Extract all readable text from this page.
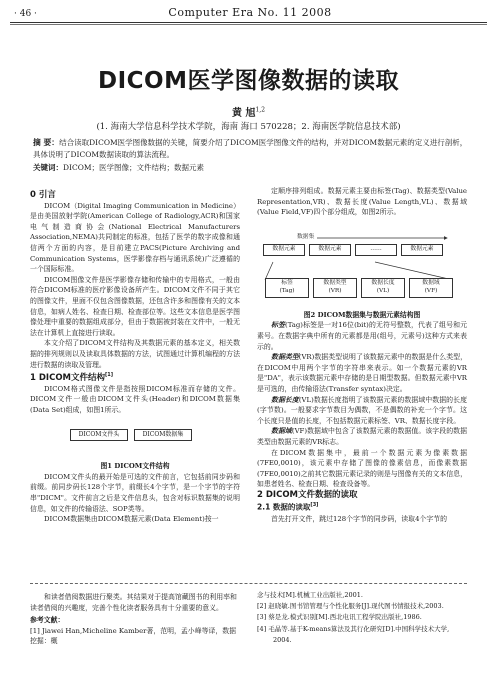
· 46 ·	Computer Era No. 11 2008
DICOM医学图像数据的读取
黄 旭$^{1,2}$
(1. 海南大学信息科学技术学院，海南 海口 570228；2. 海南医学院信息技术部)
摘 要：结合读取DICOM医学图像数据的关键，简要介绍了DICOM医学图像文件的结构，并对DICOM数据元素的定义进行剖析，具体说明了DICOM数据读取的算法流程。
关键词：DICOM；医学图像；文件结构；数据元素

0 引言

DICOM（Digital Imaging Communication in Medicine）是由美国放射学院(American College of Radiology,ACR)和国家电气制造商协会(National Electrical Manufacturers Association,NEMA)共同制定的标准，包括了医学的数字成像和通信两个方面的内容，是目前建立PACS(Picture Archiving and Communication Systems，医学影像存档与通讯系统)广泛遵循的一个国际标准。

DICOM图像文件是医学影像存储和传输中的专用格式，一般由符合DICOM标准的医疗影像设备所产生。DICOM文件不同于其它的图像文件，里面不仅包含图像数据，还包含许多和图像有关的文本信息，如病人姓名、检查日期、检查部位等。这些文本信息是医学图像处理中重要的数据组成部分，但由于数据被封装在文件中，一般无法在计算机上直接进行读取。

本文介绍了DICOM文件结构及其数据元素的基本定义，相关数据的排列规则以及读取具体数据的方法，试图通过计算机编程的方法进行数据的读取及管理。

1 DICOM文件结构[1]

DICOM格式图像文件是指按照DICOM标准而存储的文件。DICOM文件一般由DICOM文件头(Header)和DICOM数据集(Data Set)组成，如图1所示。

DICOM文件头	DICOM数据集

图1 DICOM文件结构

DICOM文件头的最开始是可选的文件前言，它包括前同步码和前缀。前同步码长128个字节，前缀长4个字节，是一个字节的字符串"DICM"。文件前言之后是文件信息头，包含对标识数据集的说明信息，如文件的传输语法、SOP类等。

DICOM数据集由DICOM数据元素(Data Element)按一

定顺序排列组成。数据元素主要由标签(Tag)、数据类型(Value Representation,VR)、数据长度(Value Length,VL)、数据域(Value Field,VF)四个部分组成，如图2所示。

数据集
数据元素	数据元素	……	数据元素
标签
(Tag)
数据类型
(VR)
数据长度
(VL)
数据域
(VF)

图2 DICOM数据集与数据元素结构图

标签(Tag)标签是一对16位(bit)的无符号整数，代表了组号和元素号。在数据字典中所有的元素都是用(组号，元素号)这种方式来表示的。

数据类型(VR)数据类型说明了该数据元素中的数据是什么类型，在DICOM中用两个字节的字符串来表示。如一个数据元素的VR是"DA"，表示该数据元素中存储的是日期型数据。但数据元素中VR是可选的，由传输语法(Transfer syntax)决定。

数据长度(VL)数据长度指明了该数据元素的数据域中数据的长度(字节数)。一般要求字节数目为偶数，不是偶数的补充一个字节。这个长度只是值的长度，不包括数据元素标签、VR、数据长度字段。

数据域(VF)数据域中包含了该数据元素的数据值。该字段的数据类型由数据元素的VR标志。

在DICOM数据集中，最前一个数据元素为像素数据(7FE0,0010)，该元素中存储了图像的像素信息，而像素数据(7FE0,0010)之前其它数据元素记录的则是与图像有关的文本信息，如患者姓名、检查日期、检查设备等。

2 DICOM文件数据的读取

2.1 数据的读取[3]

首先打开文件，跳过128个字节的同步码，读取4个字节的

和读者借阅数据进行聚类。其结果对于提高馆藏图书的利用率和读者借阅的兴趣度，完善个性化读者服务具有十分重要的意义。
参考文献：
[1] Jiawei Han,Micheline Kamber著，范明，孟小峰等译，数据挖掘：概
念与技术[M].机械工业出版社,2001.
[2] 赵晓敏.图书馆管理与个性化服务[J].现代图书情报技术,2003.
[3] 蔡是龙.模式识别[M].西北电讯工程学院出版社,1986.
[4] 毛晶等.基于K-means算法及其行化研究[D].中国科学技术大学,
2004.
